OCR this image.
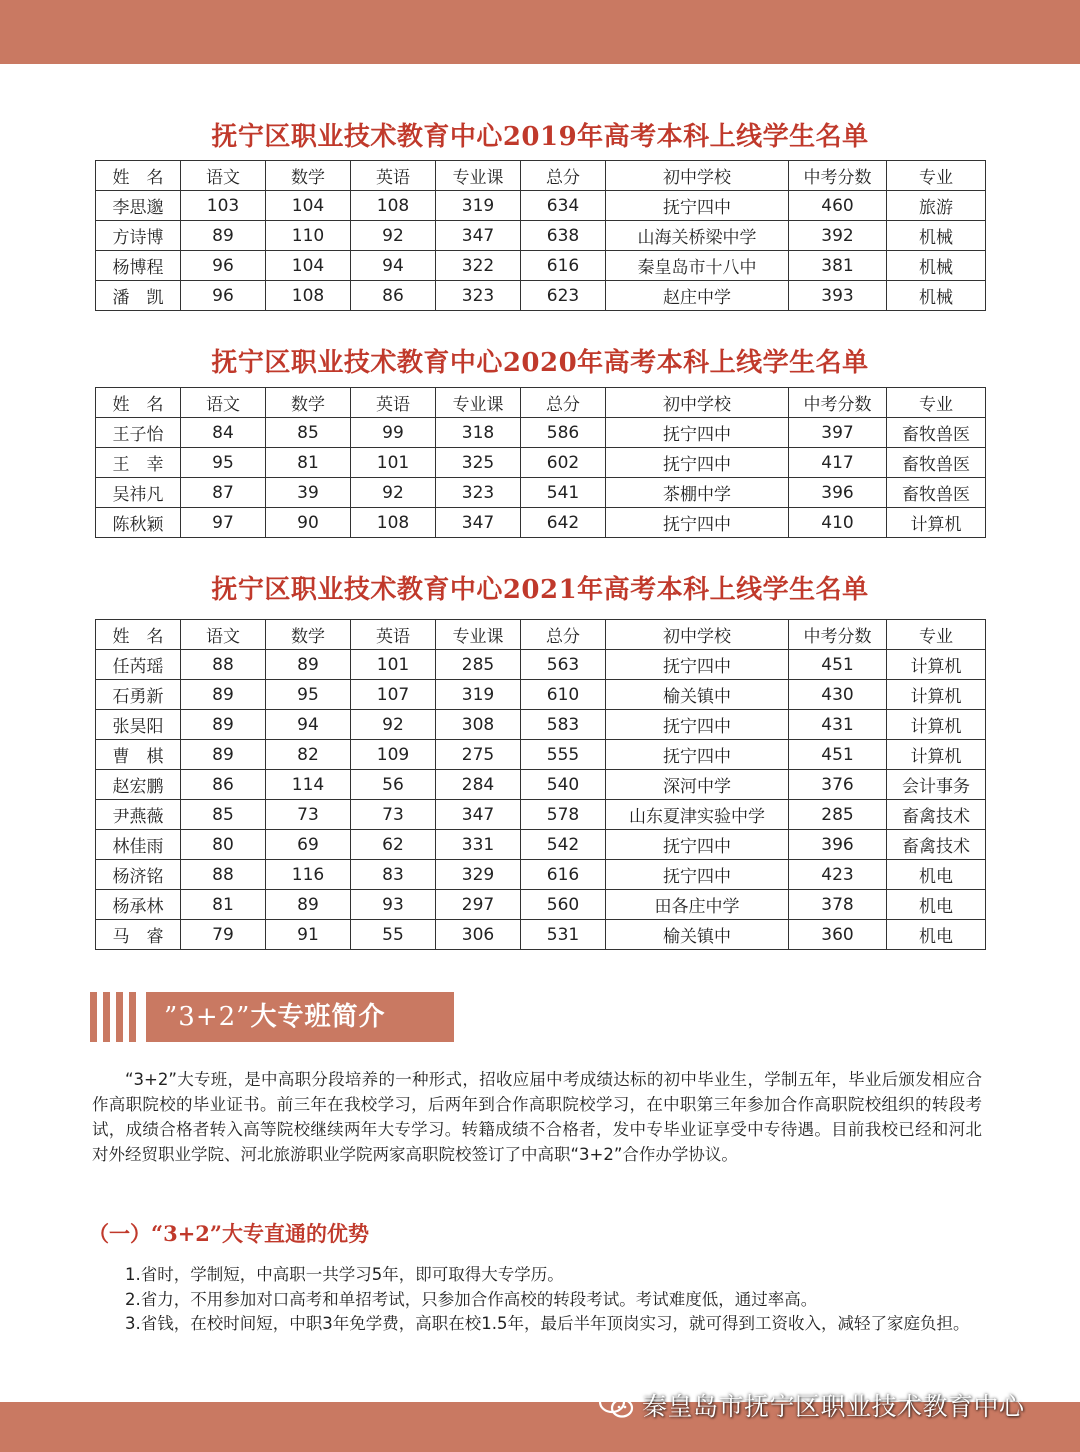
抚宁区职业技术教育中心2019年高考本科上线学生名单
姓　名	语文	数学	英语	专业课	总分	初中学校	中考分数	专业
李思邈	103	104	108	319	634	抚宁四中	460	旅游
方诗博	89	110	92	347	638	山海关桥梁中学	392	机械
杨博程	96	104	94	322	616	秦皇岛市十八中	381	机械
潘　凯	96	108	86	323	623	赵庄中学	393	机械
抚宁区职业技术教育中心2020年高考本科上线学生名单
姓　名	语文	数学	英语	专业课	总分	初中学校	中考分数	专业
王子怡	84	85	99	318	586	抚宁四中	397	畜牧兽医
王　幸	95	81	101	325	602	抚宁四中	417	畜牧兽医
吴祎凡	87	39	92	323	541	茶棚中学	396	畜牧兽医
陈秋颖	97	90	108	347	642	抚宁四中	410	计算机
抚宁区职业技术教育中心2021年高考本科上线学生名单
姓　名	语文	数学	英语	专业课	总分	初中学校	中考分数	专业
任芮瑶	88	89	101	285	563	抚宁四中	451	计算机
石勇新	89	95	107	319	610	榆关镇中	430	计算机
张昊阳	89	94	92	308	583	抚宁四中	431	计算机
曹　棋	89	82	109	275	555	抚宁四中	451	计算机
赵宏鹏	86	114	56	284	540	深河中学	376	会计事务
尹燕薇	85	73	73	347	578	山东夏津实验中学	285	畜禽技术
林佳雨	80	69	62	331	542	抚宁四中	396	畜禽技术
杨济铭	88	116	83	329	616	抚宁四中	423	机电
杨承林	81	89	93	297	560	田各庄中学	378	机电
马　睿	79	91	55	306	531	榆关镇中	360	机电
”3+2”大专班简介

“3+2”大专班，是中高职分段培养的一种形式，招收应届中考成绩达标的初中毕业生，学制五年，毕业后颁发相应合作高职院校的毕业证书。前三年在我校学习，后两年到合作高职院校学习，在中职第三年参加合作高职院校组织的转段考试，成绩合格者转入高等院校继续两年大专学习。转籍成绩不合格者，发中专毕业证享受中专待遇。目前我校已经和河北对外经贸职业学院、河北旅游职业学院两家高职院校签订了中高职“3+2”合作办学协议。

（一）“3+2”大专直通的优势

1.省时，学制短，中高职一共学习5年，即可取得大专学历。

2.省力，不用参加对口高考和单招考试，只参加合作高校的转段考试。考试难度低，通过率高。

3.省钱，在校时间短，中职3年免学费，高职在校1.5年，最后半年顶岗实习，就可得到工资收入，减轻了家庭负担。

秦皇岛市抚宁区职业技术教育中心
